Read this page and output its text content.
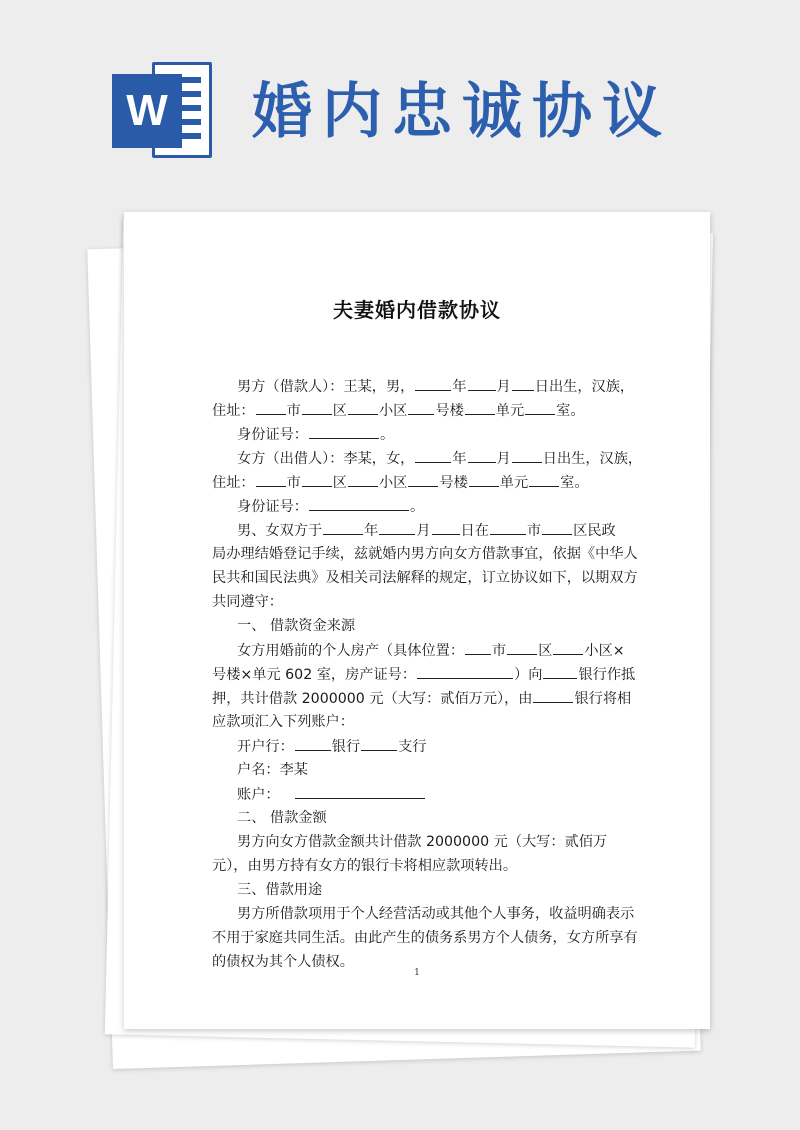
W 婚内忠诚协议
夫妻婚内借款协议
男方（借款人）：王某，男，	年 月 日出生，汉族，
住址： 市 区 小区 号楼 单元 室。
身份证号：	。
女方（出借人）：李某，女，	年 月 日出生，汉族，
住址： 市 区 小区 号楼 单元 室。
身份证号：	。
男、女双方于	年	月 日在	市 区民政
局办理结婚登记手续，兹就婚内男方向女方借款事宜，依据《中华人
民共和国民法典》及相关司法解释的规定，订立协议如下，以期双方
共同遵守：
一、 借款资金来源
女方用婚前的个人房产（具体位置： 市 区 小区×
号楼×单元 602 室，房产证号：	）向	银行作抵
押，共计借款 2000000 元（大写：贰佰万元），由	银行将相
应款项汇入下列账户：
开户行：	银行	支行
户名：李某
账户：
二、 借款金额
男方向女方借款金额共计借款 2000000 元（大写：贰佰万
元），由男方持有女方的银行卡将相应款项转出。
三、借款用途
男方所借款项用于个人经营活动或其他个人事务，收益明确表示
不用于家庭共同生活。由此产生的债务系男方个人债务，女方所享有
的债权为其个人债权。
1
